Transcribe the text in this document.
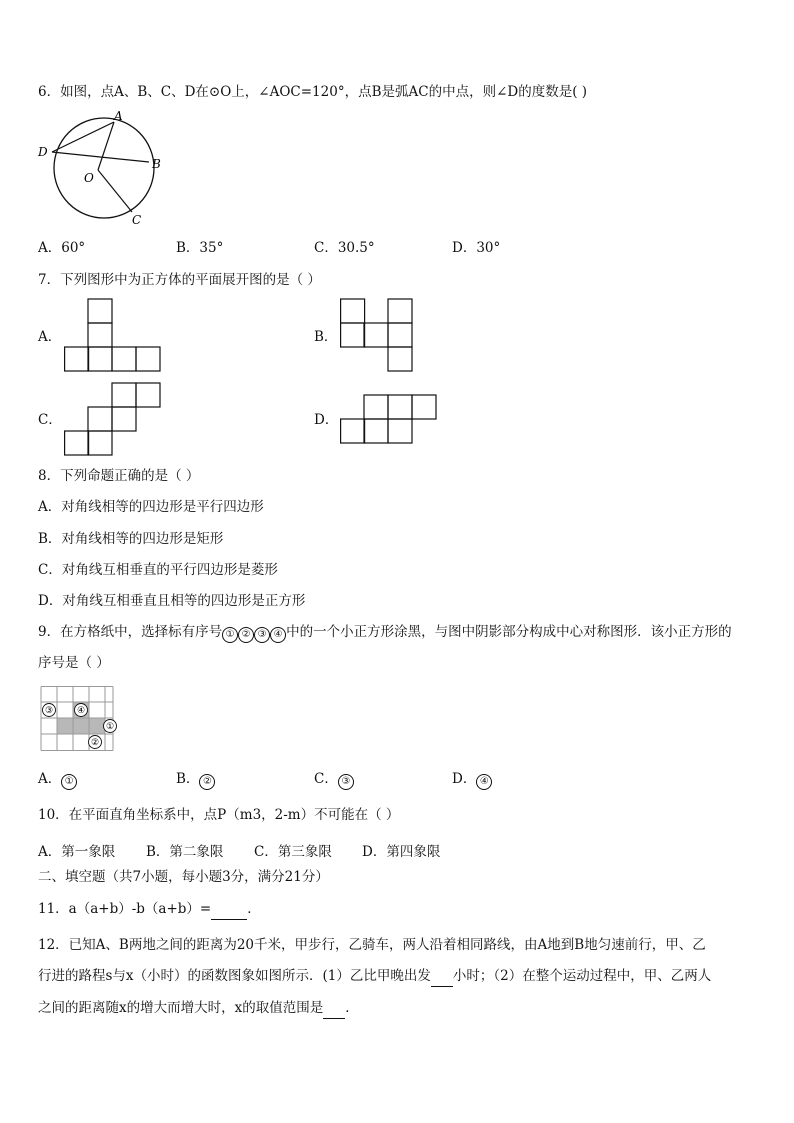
6．如图，点A、B、C、D在⊙O上，∠AOC=120°，点B是弧AC的中点，则∠D的度数是( )
A
B
C
D
O
A．60°	B．35°	C．30.5°	D．30°
7．下列图形中为正方体的平面展开图的是（ ）
A．	B．
C．	D．
8．下列命题正确的是（ ）
A．对角线相等的四边形是平行四边形
B．对角线相等的四边形是矩形
C．对角线互相垂直的平行四边形是菱形
D．对角线互相垂直且相等的四边形是正方形
9．在方格纸中，选择标有序号 ① ② ③ ④ 中的一个小正方形涂黑，与图中阴影部分构成中心对称图形．该小正方形的
序号是（ ）
③	④
①
②
A． ①	B． ②	C． ③	D． ④
10．在平面直角坐标系中，点P（m3，2-m）不可能在（ ）
A．第一象限 B．第二象限 C．第三象限 D．第四象限
二、填空题（共7小题，每小题3分，满分21分）
11．a（a+b）-b（a+b）=	．
12．已知A、B两地之间的距离为20千米，甲步行，乙骑车，两人沿着相同路线，由A地到B地匀速前行，甲、乙
行进的路程s与x（小时）的函数图象如图所示．(1）乙比甲晚出发 小时；（2）在整个运动过程中，甲、乙两人
之间的距离随x的增大而增大时，x的取值范围是 ．
